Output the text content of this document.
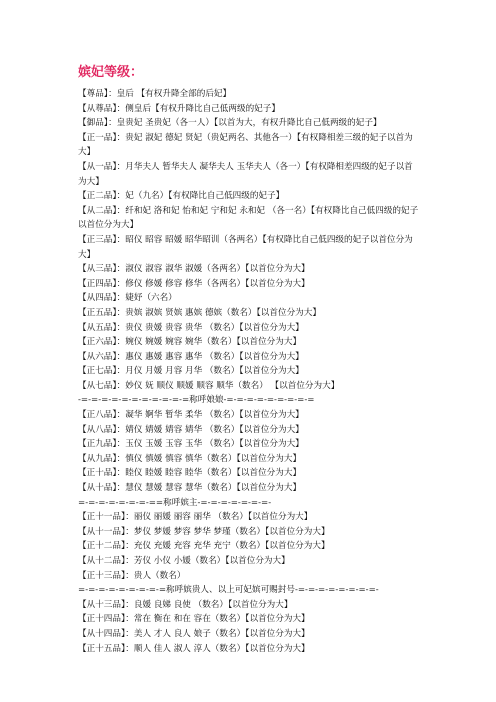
嫔妃等级：
【尊品】：皇后 【有权升降全部的后妃】
【从尊品】：侧皇后【有权升降比自己低两级的妃子】
【御品】：皇贵妃 圣贵妃（各一人）【以首为大，有权升降比自己低两级的妃子】
【正一品】：贵妃 淑妃 德妃 贤妃（贵妃两名、其他各一）【有权降相差三级的妃子以首为大】
【从一品】：月华夫人 暂华夫人 凝华夫人 玉华夫人（各一）【有权降相差四级的妃子以首为大】
【正二品】：妃（九名）【有权降比自己低四级的妃子】
【从二品】：纤和妃 洛和妃 怡和妃 宁和妃 永和妃 （各一名）【有权降比自己低四级的妃子以首位分为大】
【正三品】：昭仪 昭容 昭媛 昭华昭训（各两名）【有权降比自己低四级的妃子以首位分为大】
【从三品】：淑仪 淑容 淑华 淑媛（各两名）【以首位分为大】
【正四品】：修仪 修媛 修容 修华（各两名）【以首位分为大】
【从四品】：婕妤（六名）
【正五品】：贵嫔 淑嫔 贤嫔 惠嫔 德嫔（数名）【以首位分为大】
【从五品】：贵仪 贵媛 贵容 贵华 （数名）【以首位分为大】
【正六品】：婉仪 婉媛 婉容 婉华（数名）【以首位分为大】
【从六品】：惠仪 惠媛 惠容 惠华 （数名）【以首位分为大】
【正七品】：月仪 月媛 月容 月华 （数名）【以首位分为大】
【从七品】：妙仪 妩 顺仪 顺媛 顺容 顺华（数名） 【以首位分为大】
-=-=-=-=-=-=-=-=-=-=-=称呼娘娘-=-=-=-=-=-=-=-=-=
【正八品】：凝华 婀华 暂华 柔华 （数名）【以首位分为大】
【从八品】：婧仪 婧媛 婧容 婧华 （数名）【以首位分为大】
【正九品】：玉仪 玉媛 玉容 玉华 （数名）【以首位分为大】
【从九品】：慎仪 慎媛 慎容 慎华（数名）【以首位分为大】
【正十品】：睦仪 睦媛 睦容 睦华（数名）【以首位分为大】
【从十品】：慧仪 慧媛 慧容 慧华（数名）【以首位分为大】
=-=-=-=-=-=-=-==称呼嫔主-=-=-=-=-=-=-=-
【正十一品】：丽仪 丽媛 丽容 丽华 （数名）【以首位分为大】
【从十一品】：梦仪 梦媛 梦容 梦华 梦瑾（数名）【以首位分为大】
【正十二品】：充仪 充媛 充容 充华 充宁（数名）【以首位分为大】
【从十二品】：芳仪 小仪 小媛（数名）【以首位分为大】
【正十三品】：贵人（数名）
=-=-=-=-=-=-=-=-=称呼嫔贵人、以上可妃嫔可赐封号-=-=-=-=-=-=-=-=-
【从十三品】：良媛 良娣 良使 （数名）【以首位分为大】
【正十四品】：常在 衡在 和在 容在（数名）【以首位分为大】
【从十四品】：美人 才人 良人 娘子（数名）【以首位分为大】
【正十五品】：顺人 佳人 淑人 淳人（数名）【以首位分为大】
